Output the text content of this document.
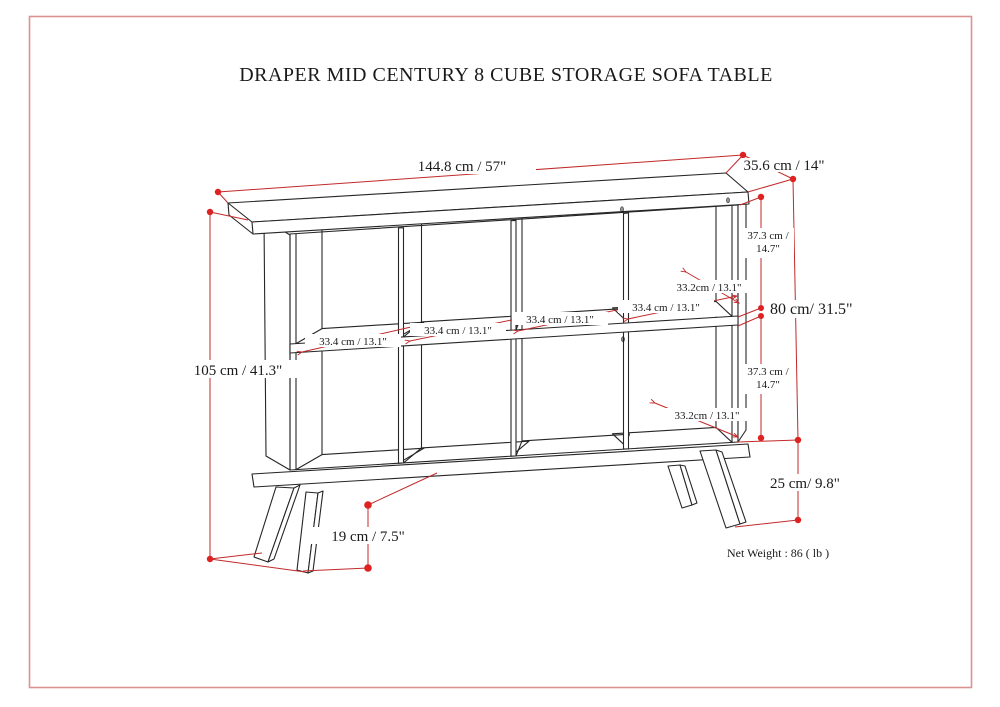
144.8 cm / 57"	35.6 cm / 14"
105 cm / 41.3"
37.3 cm / 14.7"
37.3 cm / 14.7"
80 cm/ 31.5"
25 cm/ 9.8"
19 cm / 7.5"
33.4 cm / 13.1"
33.4 cm / 13.1"
33.4 cm / 13.1"
33.4 cm / 13.1"
33.2cm / 13.1"
33.2cm / 13.1"
0
0
0
DRAPER MID CENTURY 8 CUBE STORAGE SOFA TABLE
Net Weight : 86 ( lb )
